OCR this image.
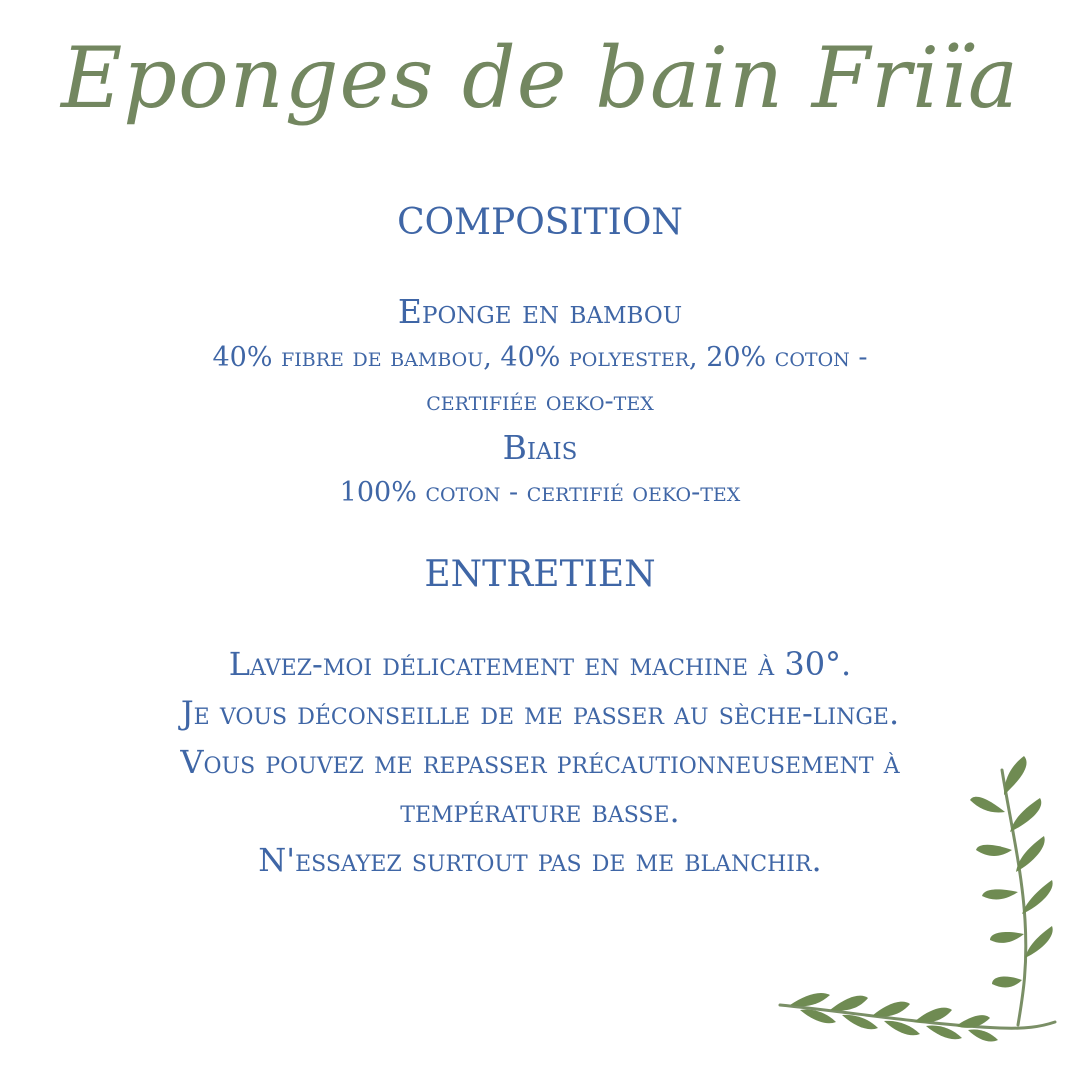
Eponges de bain Friïa
COMPOSITION
Eponge en bambou
40% fibre de bambou, 40% polyester, 20% coton -
certifiée oeko-tex
Biais
100% coton - certifié oeko-tex
ENTRETIEN
Lavez-moi délicatement en machine à 30°.
Je vous déconseille de me passer au sèche-linge.
Vous pouvez me repasser précautionneusement à
température basse.
N'essayez surtout pas de me blanchir.
